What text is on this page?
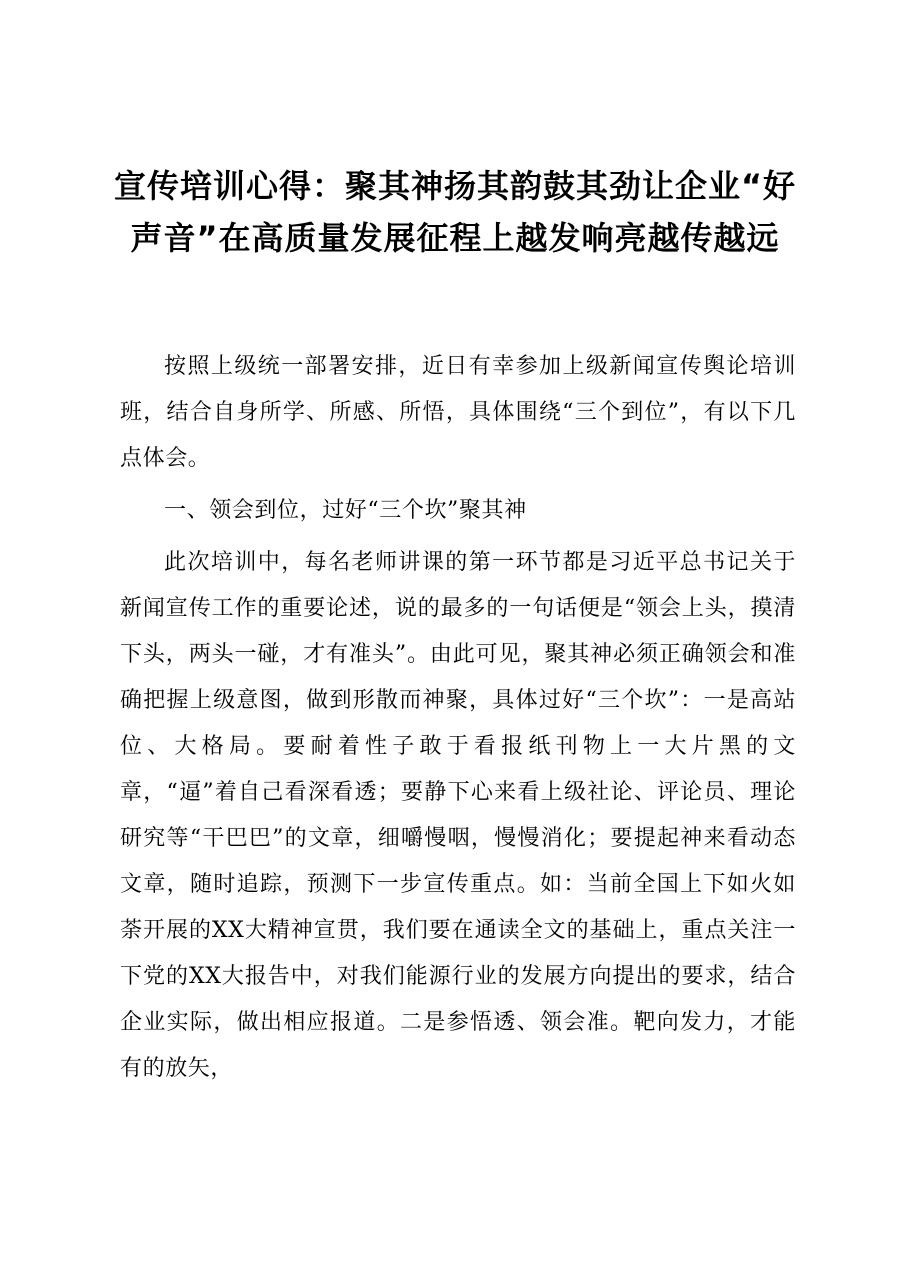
宣传培训心得：聚其神扬其韵鼓其劲让企业“好声音”在高质量发展征程上越发响亮越传越远

按照上级统一部署安排，近日有幸参加上级新闻宣传舆论培训班，结合自身所学、所感、所悟，具体围绕“三个到位”，有以下几点体会。

一、领会到位，过好“三个坎”聚其神

此次培训中，每名老师讲课的第一环节都是习近平总书记关于新闻宣传工作的重要论述，说的最多的一句话便是“领会上头，摸清下头，两头一碰，才有准头”。由此可见，聚其神必须正确领会和准确把握上级意图，做到形散而神聚，具体过好“三个坎”：一是高站位、大格局。要耐着性子敢于看报纸刊物上一大片黑的文章，“逼”着自己看深看透；要静下心来看上级社论、评论员、理论研究等“干巴巴”的文章，细嚼慢咽，慢慢消化；要提起神来看动态文章，随时追踪，预测下一步宣传重点。如：当前全国上下如火如荼开展的XX大精神宣贯，我们要在通读全文的基础上，重点关注一下党的XX大报告中，对我们能源行业的发展方向提出的要求，结合企业实际，做出相应报道。二是参悟透、领会准。靶向发力，才能有的放矢，
